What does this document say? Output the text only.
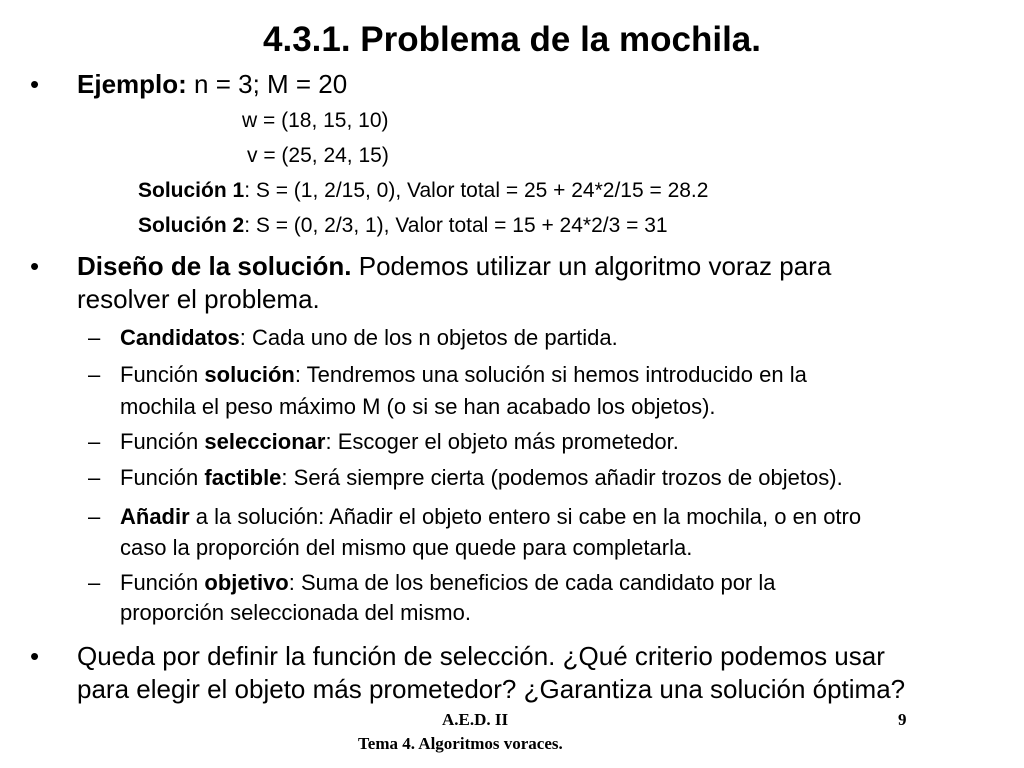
4.3.1. Problema de la mochila.
• Ejemplo: n = 3; M = 20
w = (18, 15, 10)
v = (25, 24, 15)
Solución 1: S = (1, 2/15, 0), Valor total = 25 + 24*2/15 = 28.2
Solución 2: S = (0, 2/3, 1), Valor total = 15 + 24*2/3 = 31
• Diseño de la solución. Podemos utilizar un algoritmo voraz para
resolver el problema.
– Candidatos: Cada uno de los n objetos de partida.
– Función solución: Tendremos una solución si hemos introducido en la
mochila el peso máximo M (o si se han acabado los objetos).
– Función seleccionar: Escoger el objeto más prometedor.
– Función factible: Será siempre cierta (podemos añadir trozos de objetos).
– Añadir a la solución: Añadir el objeto entero si cabe en la mochila, o en otro
caso la proporción del mismo que quede para completarla.
– Función objetivo: Suma de los beneficios de cada candidato por la
proporción seleccionada del mismo.
• Queda por definir la función de selección. ¿Qué criterio podemos usar
para elegir el objeto más prometedor? ¿Garantiza una solución óptima?
A.E.D. II	9
Tema 4. Algoritmos voraces.
